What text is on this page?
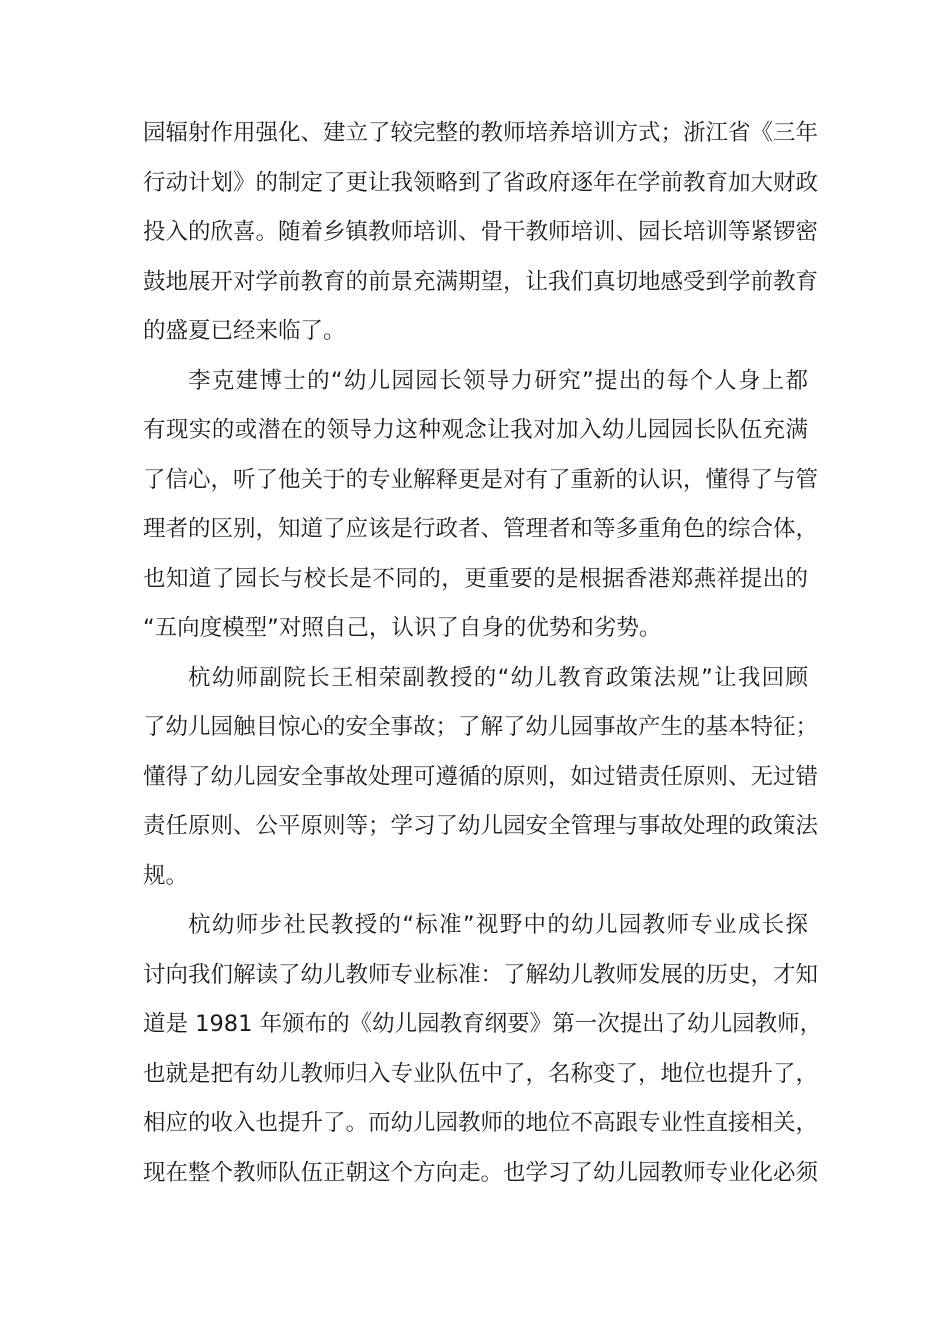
园辐射作用强化、建立了较完整的教师培养培训方式；浙江省《三年
行动计划》的制定了更让我领略到了省政府逐年在学前教育加大财政
投入的欣喜。随着乡镇教师培训、骨干教师培训、园长培训等紧锣密
鼓地展开对学前教育的前景充满期望，让我们真切地感受到学前教育
的盛夏已经来临了。
李克建博士的“幼儿园园长领导力研究”提出的每个人身上都
有现实的或潜在的领导力这种观念让我对加入幼儿园园长队伍充满
了信心，听了他关于的专业解释更是对有了重新的认识，懂得了与管
理者的区别，知道了应该是行政者、管理者和等多重角色的综合体，
也知道了园长与校长是不同的，更重要的是根据香港郑燕祥提出的
“五向度模型”对照自己，认识了自身的优势和劣势。
杭幼师副院长王相荣副教授的“幼儿教育政策法规”让我回顾
了幼儿园触目惊心的安全事故；了解了幼儿园事故产生的基本特征；
懂得了幼儿园安全事故处理可遵循的原则，如过错责任原则、无过错
责任原则、公平原则等；学习了幼儿园安全管理与事故处理的政策法
规。
杭幼师步社民教授的“标准”视野中的幼儿园教师专业成长探
讨向我们解读了幼儿教师专业标准：了解幼儿教师发展的历史，才知
道是 1981 年颁布的《幼儿园教育纲要》第一次提出了幼儿园教师，
也就是把有幼儿教师归入专业队伍中了，名称变了，地位也提升了，
相应的收入也提升了。而幼儿园教师的地位不高跟专业性直接相关，
现在整个教师队伍正朝这个方向走。也学习了幼儿园教师专业化必须
